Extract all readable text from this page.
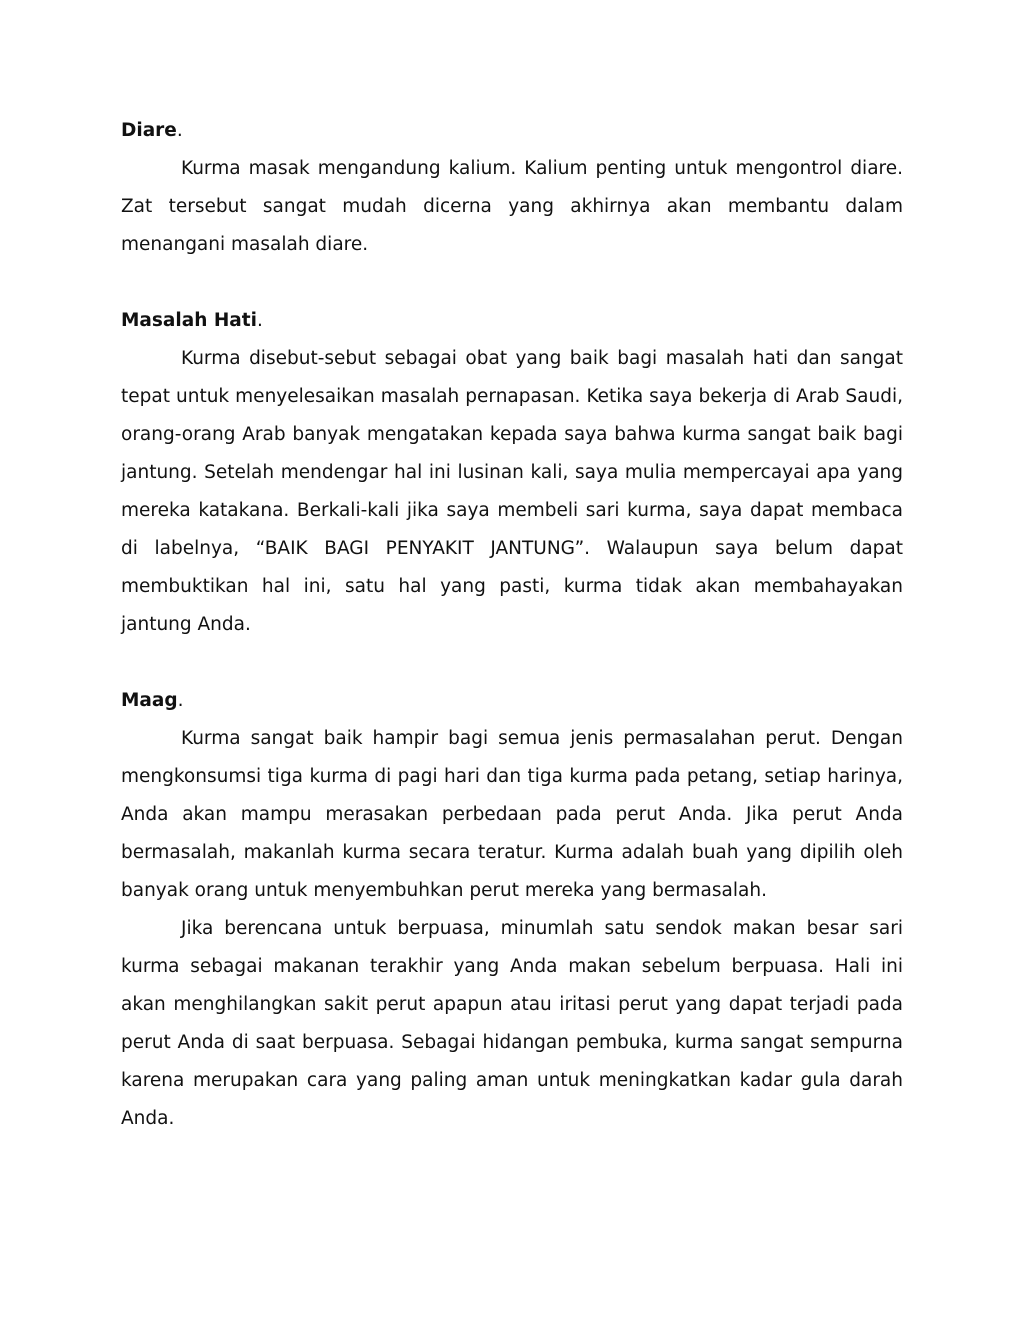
Diare.

Kurma masak mengandung kalium. Kalium penting untuk mengontrol diare. Zat tersebut sangat mudah dicerna yang akhirnya akan membantu dalam menangani masalah diare.

Masalah Hati.

Kurma disebut-sebut sebagai obat yang baik bagi masalah hati dan sangat tepat untuk menyelesaikan masalah pernapasan. Ketika saya bekerja di Arab Saudi, orang-orang Arab banyak mengatakan kepada saya bahwa kurma sangat baik bagi jantung. Setelah mendengar hal ini lusinan kali, saya mulia mempercayai apa yang mereka katakana. Berkali-kali jika saya membeli sari kurma, saya dapat membaca di labelnya, “BAIK BAGI PENYAKIT JANTUNG”. Walaupun saya belum dapat membuktikan hal ini, satu hal yang pasti, kurma tidak akan membahayakan jantung Anda.

Maag.

Kurma sangat baik hampir bagi semua jenis permasalahan perut. Dengan mengkonsumsi tiga kurma di pagi hari dan tiga kurma pada petang, setiap harinya, Anda akan mampu merasakan perbedaan pada perut Anda. Jika perut Anda bermasalah, makanlah kurma secara teratur. Kurma adalah buah yang dipilih oleh banyak orang untuk menyembuhkan perut mereka yang bermasalah.

Jika berencana untuk berpuasa, minumlah satu sendok makan besar sari kurma sebagai makanan terakhir yang Anda makan sebelum berpuasa. Hali ini akan menghilangkan sakit perut apapun atau iritasi perut yang dapat terjadi pada perut Anda di saat berpuasa. Sebagai hidangan pembuka, kurma sangat sempurna karena merupakan cara yang paling aman untuk meningkatkan kadar gula darah Anda.
